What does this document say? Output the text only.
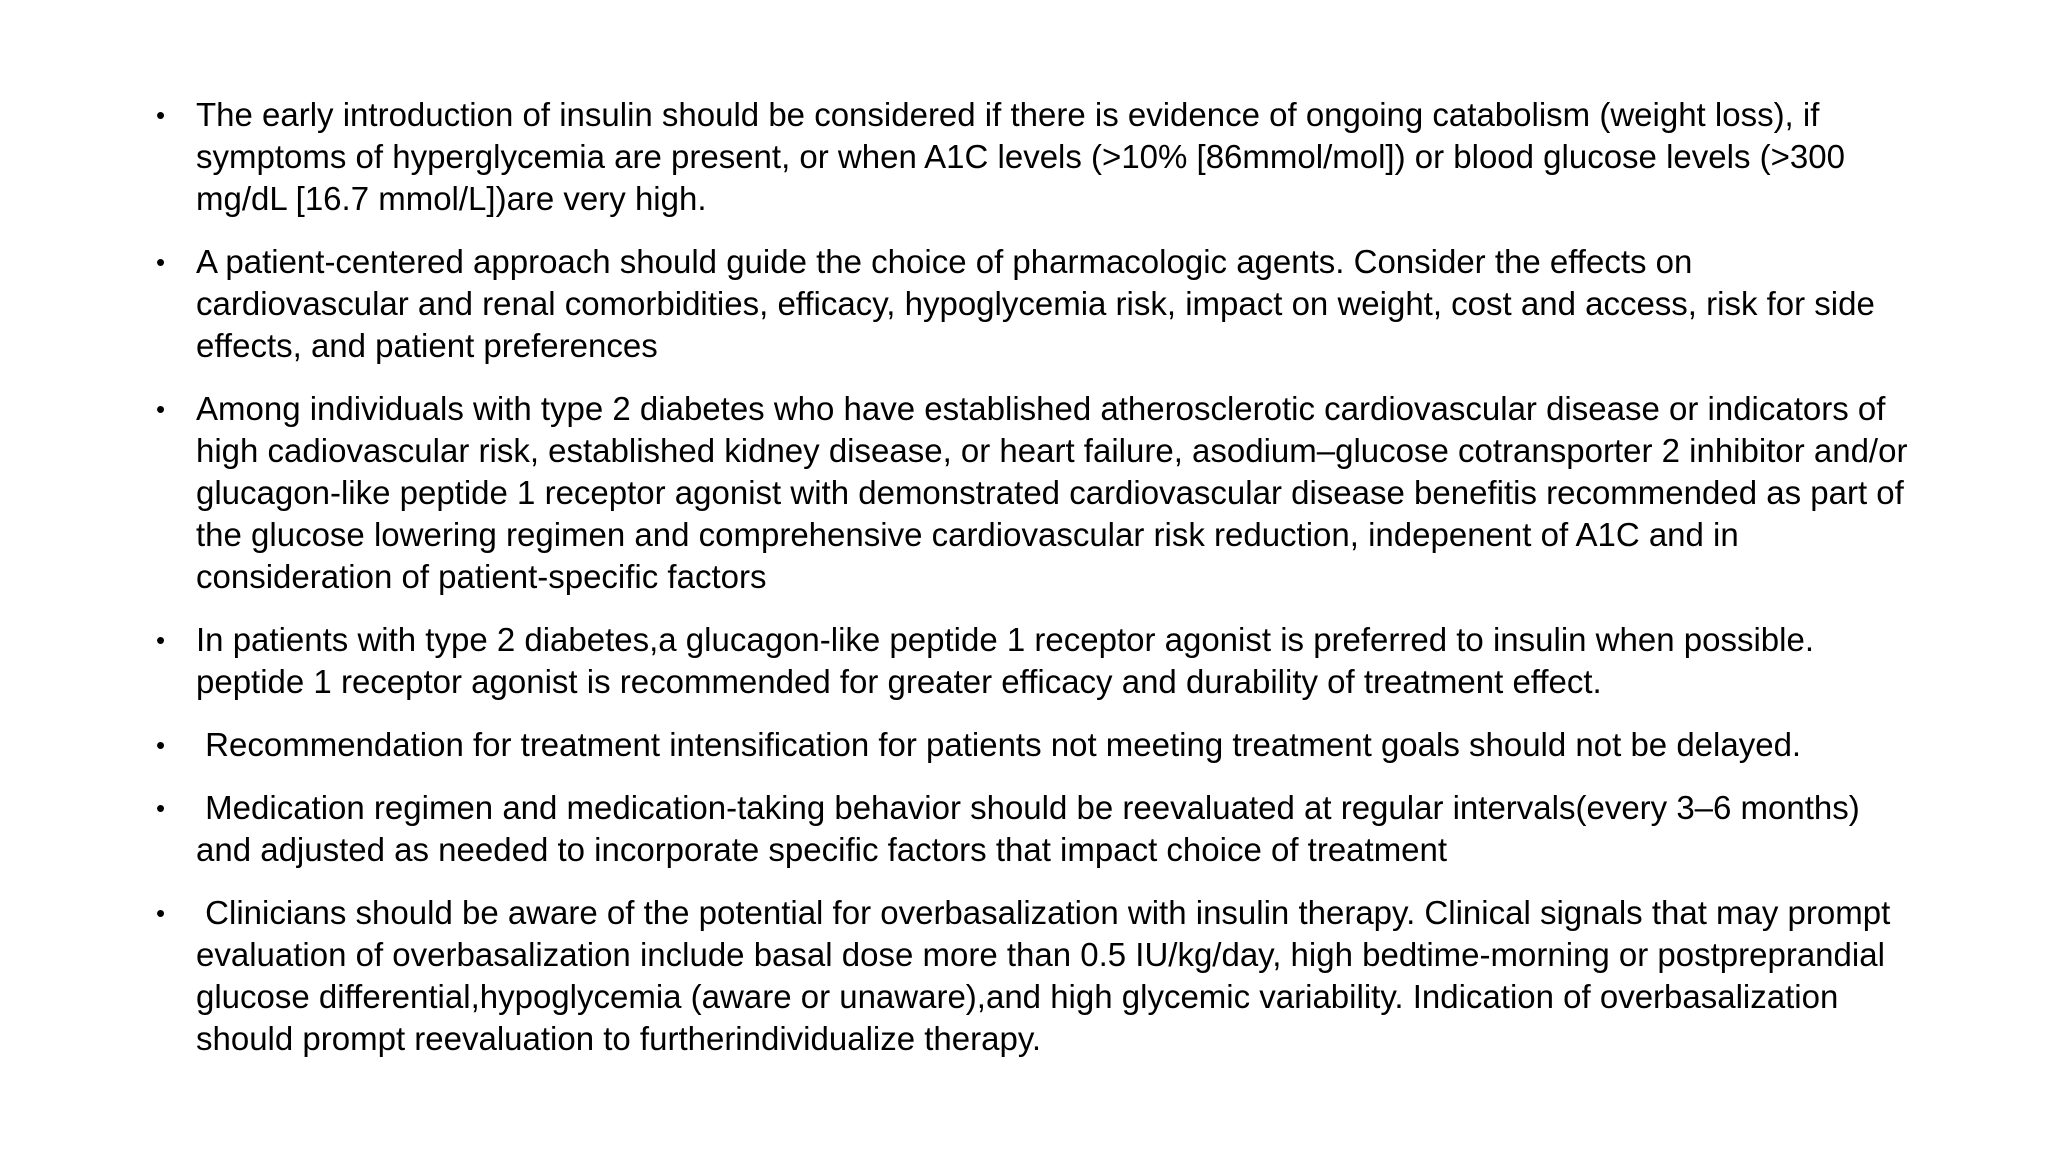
• The early introduction of insulin should be considered if there is evidence of ongoing catabolism (weight loss), if symptoms of hyperglycemia are present, or when A1C levels (>10% [86mmol/mol]) or blood glucose levels (>300 mg/dL [16.7 mmol/L])are very high.
• A patient-centered approach should guide the choice of pharmacologic agents. Consider the effects on cardiovascular and renal comorbidities, efficacy, hypoglycemia risk, impact on weight, cost and access, risk for side effects, and patient preferences
• Among individuals with type 2 diabetes who have established atherosclerotic cardiovascular disease or indicators of high cadiovascular risk, established kidney disease, or heart failure, asodium–glucose cotransporter 2 inhibitor and/or glucagon-like peptide 1 receptor agonist with demonstrated cardiovascular disease benefitis recommended as part of the glucose lowering regimen and comprehensive cardiovascular risk reduction, indepenent of A1C and in consideration of patient-specific factors
• In patients with type 2 diabetes,a glucagon-like peptide 1 receptor agonist is preferred to insulin when possible. peptide 1 receptor agonist is recommended for greater efficacy and durability of treatment effect.
• Recommendation for treatment intensification for patients not meeting treatment goals should not be delayed.
• Medication regimen and medication-taking behavior should be reevaluated at regular intervals(every 3–6 months) and adjusted as needed to incorporate specific factors that impact choice of treatment
• Clinicians should be aware of the potential for overbasalization with insulin therapy. Clinical signals that may prompt evaluation of overbasalization include basal dose more than 0.5 IU/kg/day, high bedtime-morning or postpreprandial glucose differential,hypoglycemia (aware or unaware),and high glycemic variability. Indication of overbasalization should prompt reevaluation to furtherindividualize therapy.
